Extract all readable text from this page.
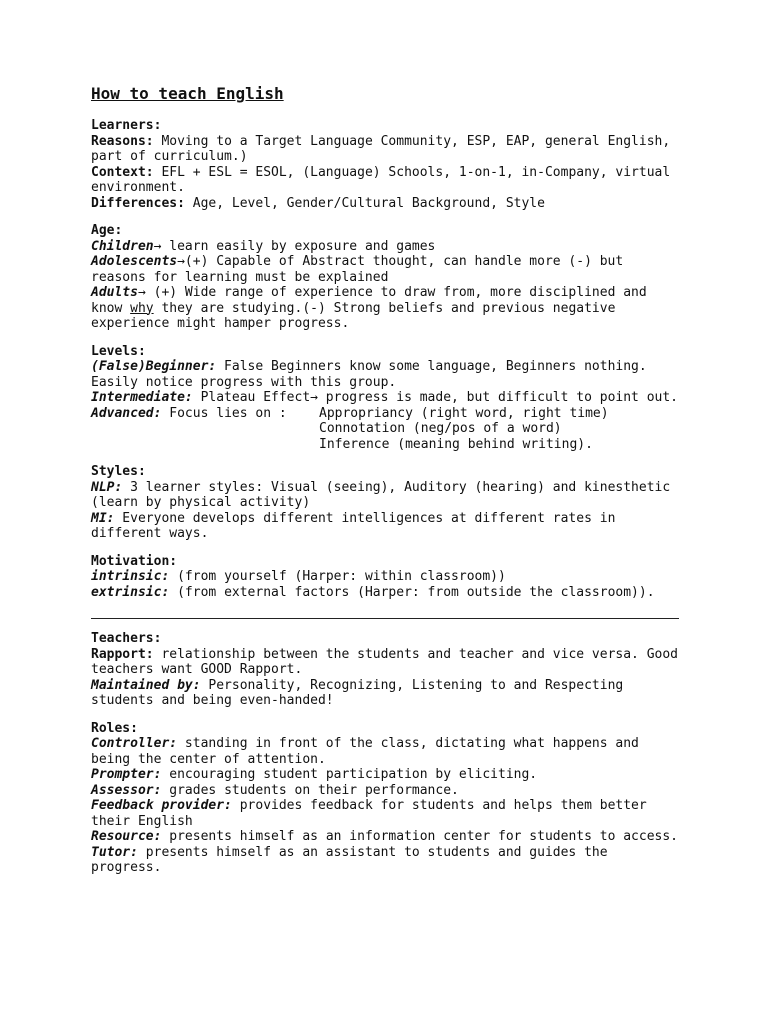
How to teach English
Learners:

Reasons: Moving to a Target Language Community, ESP, EAP, general English, part of curriculum.)

Context: EFL + ESL = ESOL, (Language) Schools, 1-on-1, in-Company, virtual environment.

Differences: Age, Level, Gender/Cultural Background, Style

Age:

Children→ learn easily by exposure and games

Adolescents→(+) Capable of Abstract thought, can handle more (-) but reasons for learning must be explained

Adults→ (+) Wide range of experience to draw from, more disciplined and know why they are studying.(-) Strong beliefs and previous negative experience might hamper progress.

Levels:

(False)Beginner: False Beginners know some language, Beginners nothing. Easily notice progress with this group.

Intermediate: Plateau Effect→ progress is made, but difficult to point out.

Advanced: Focus lies on :	Appropriancy (right word, right time)
Connotation (neg/pos of a word)
Inference (meaning behind writing).
Styles:

NLP: 3 learner styles: Visual (seeing), Auditory (hearing) and kinesthetic (learn by physical activity)

MI: Everyone develops different intelligences at different rates in different ways.

Motivation:

intrinsic: (from yourself (Harper: within classroom))

extrinsic: (from external factors (Harper: from outside the classroom)).

Teachers:

Rapport: relationship between the students and teacher and vice versa. Good teachers want GOOD Rapport.

Maintained by: Personality, Recognizing, Listening to and Respecting students and being even-handed!

Roles:

Controller: standing in front of the class, dictating what happens and being the center of attention.

Prompter: encouraging student participation by eliciting.

Assessor: grades students on their performance.

Feedback provider: provides feedback for students and helps them better their English

Resource: presents himself as an information center for students to access.

Tutor: presents himself as an assistant to students and guides the progress.
